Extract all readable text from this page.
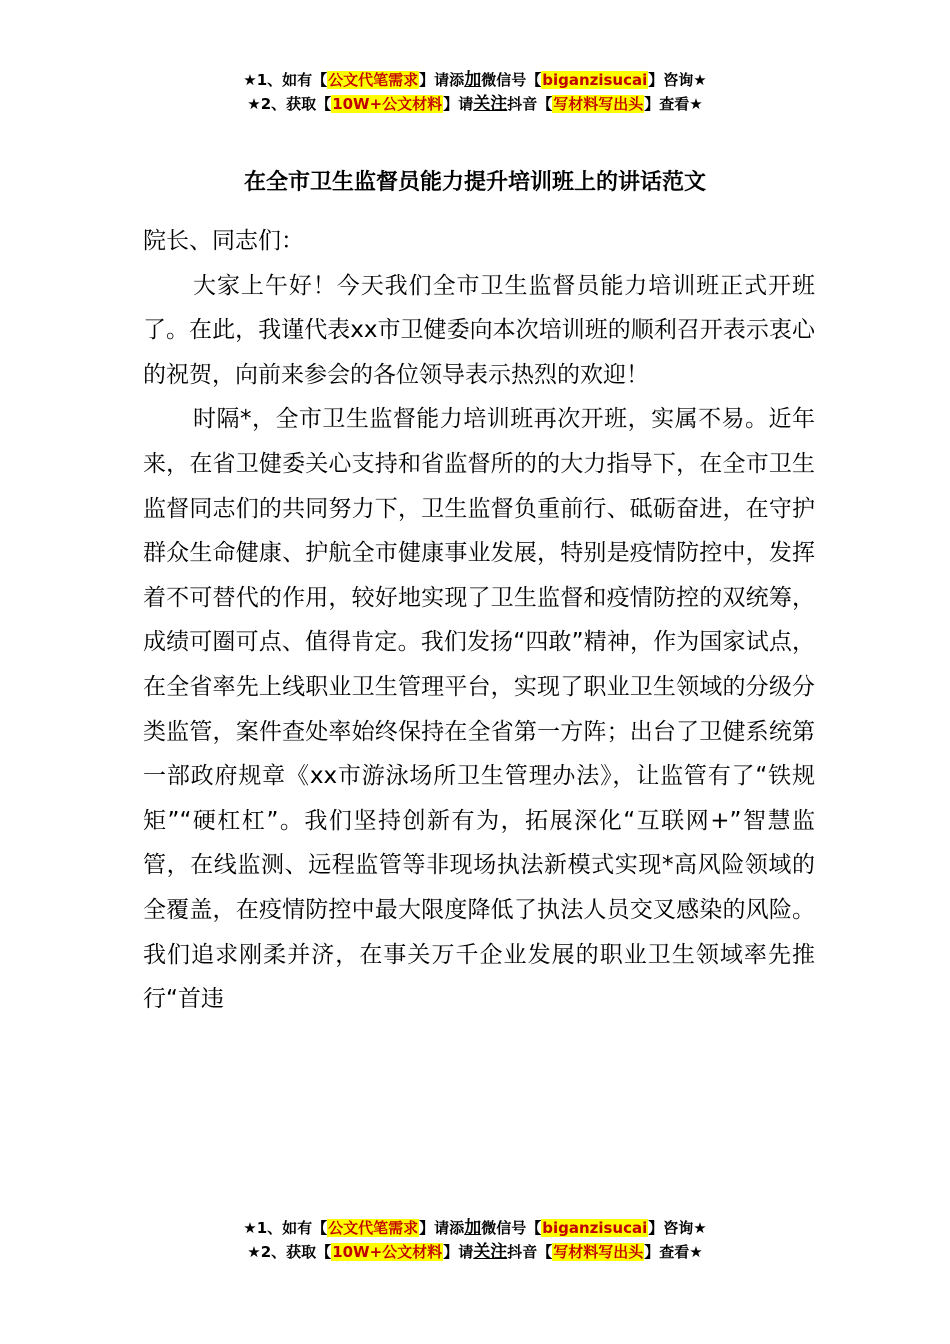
★1、如有【公文代笔需求】请添加微信号【biganzisucai】咨询★
★2、获取【10W+公文材料】请关注抖音【写材料写出头】查看★
在全市卫生监督员能力提升培训班上的讲话范文

院长、同志们：

大家上午好！今天我们全市卫生监督员能力培训班正式开班了。在此，我谨代表xx市卫健委向本次培训班的顺利召开表示衷心的祝贺，向前来参会的各位领导表示热烈的欢迎！

时隔*，全市卫生监督能力培训班再次开班，实属不易。近年来，在省卫健委关心支持和省监督所的的大力指导下，在全市卫生监督同志们的共同努力下，卫生监督负重前行、砥砺奋进，在守护群众生命健康、护航全市健康事业发展，特别是疫情防控中，发挥着不可替代的作用，较好地实现了卫生监督和疫情防控的双统筹，成绩可圈可点、值得肯定。我们发扬“四敢”精神，作为国家试点，在全省率先上线职业卫生管理平台，实现了职业卫生领域的分级分类监管，案件查处率始终保持在全省第一方阵；出台了卫健系统第一部政府规章《xx市游泳场所卫生管理办法》，让监管有了“铁规矩”“硬杠杠”。我们坚持创新有为，拓展深化“互联网+”智慧监管，在线监测、远程监管等非现场执法新模式实现*高风险领域的全覆盖，在疫情防控中最大限度降低了执法人员交叉感染的风险。我们追求刚柔并济，在事关万千企业发展的职业卫生领域率先推行“首违

★1、如有【公文代笔需求】请添加微信号【biganzisucai】咨询★
★2、获取【10W+公文材料】请关注抖音【写材料写出头】查看★
